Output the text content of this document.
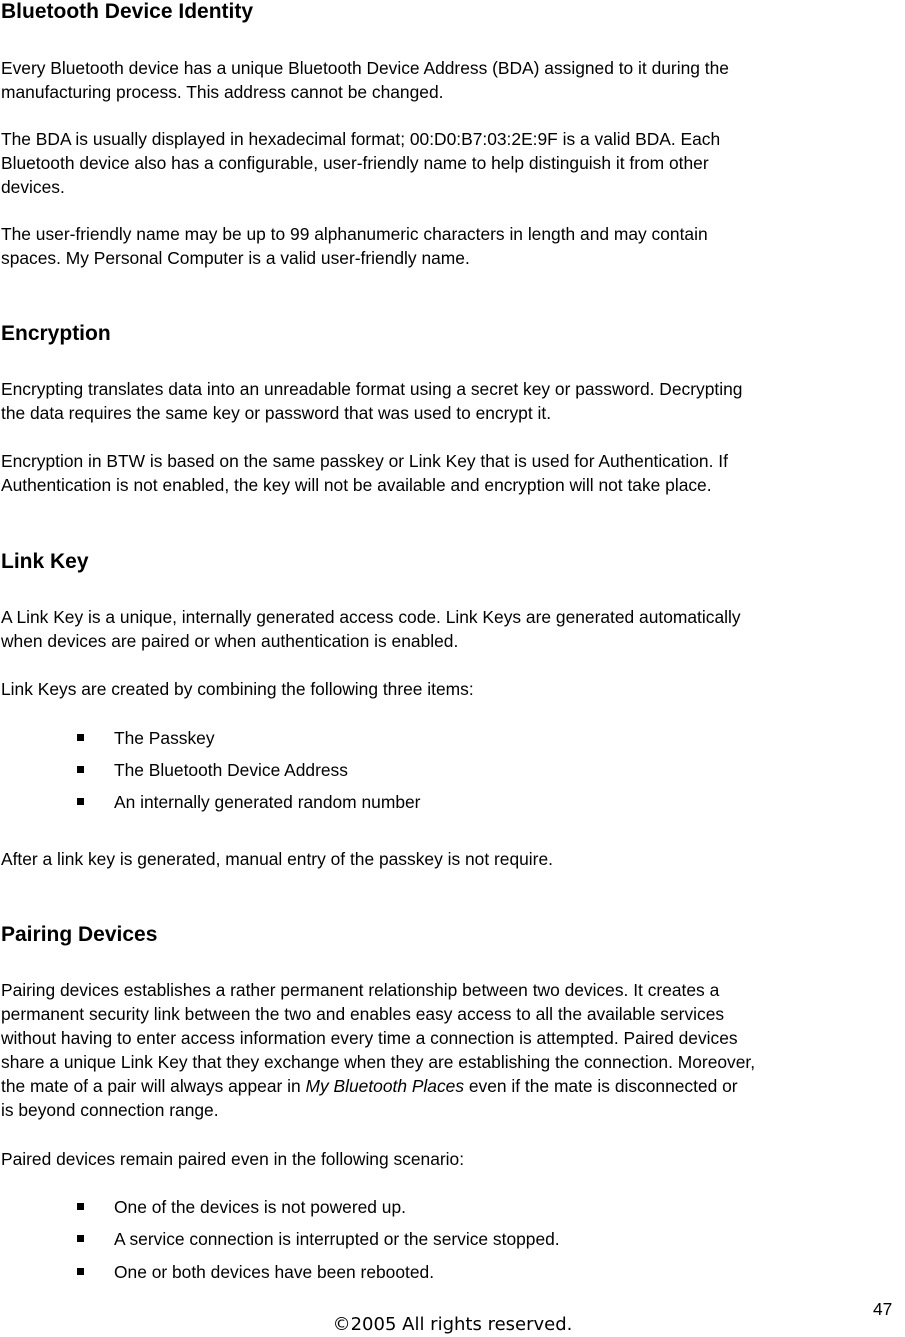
Bluetooth Device Identity

Every Bluetooth device has a unique Bluetooth Device Address (BDA) assigned to it during the

manufacturing process. This address cannot be changed.

The BDA is usually displayed in hexadecimal format; 00:D0:B7:03:2E:9F is a valid BDA. Each

Bluetooth device also has a configurable, user-friendly name to help distinguish it from other

devices.

The user-friendly name may be up to 99 alphanumeric characters in length and may contain

spaces. My Personal Computer is a valid user-friendly name.

Encryption

Encrypting translates data into an unreadable format using a secret key or password. Decrypting

the data requires the same key or password that was used to encrypt it.

Encryption in BTW is based on the same passkey or Link Key that is used for Authentication. If

Authentication is not enabled, the key will not be available and encryption will not take place.

Link Key

A Link Key is a unique, internally generated access code. Link Keys are generated automatically

when devices are paired or when authentication is enabled.

Link Keys are created by combining the following three items:

The Passkey
The Bluetooth Device Address
An internally generated random number

After a link key is generated, manual entry of the passkey is not require.

Pairing Devices

Pairing devices establishes a rather permanent relationship between two devices. It creates a

permanent security link between the two and enables easy access to all the available services

without having to enter access information every time a connection is attempted. Paired devices

share a unique Link Key that they exchange when they are establishing the connection. Moreover,

the mate of a pair will always appear in My Bluetooth Places even if the mate is disconnected or

is beyond connection range.

Paired devices remain paired even in the following scenario:

One of the devices is not powered up.
A service connection is interrupted or the service stopped.
One or both devices have been rebooted.
47
©2005 All rights reserved.
